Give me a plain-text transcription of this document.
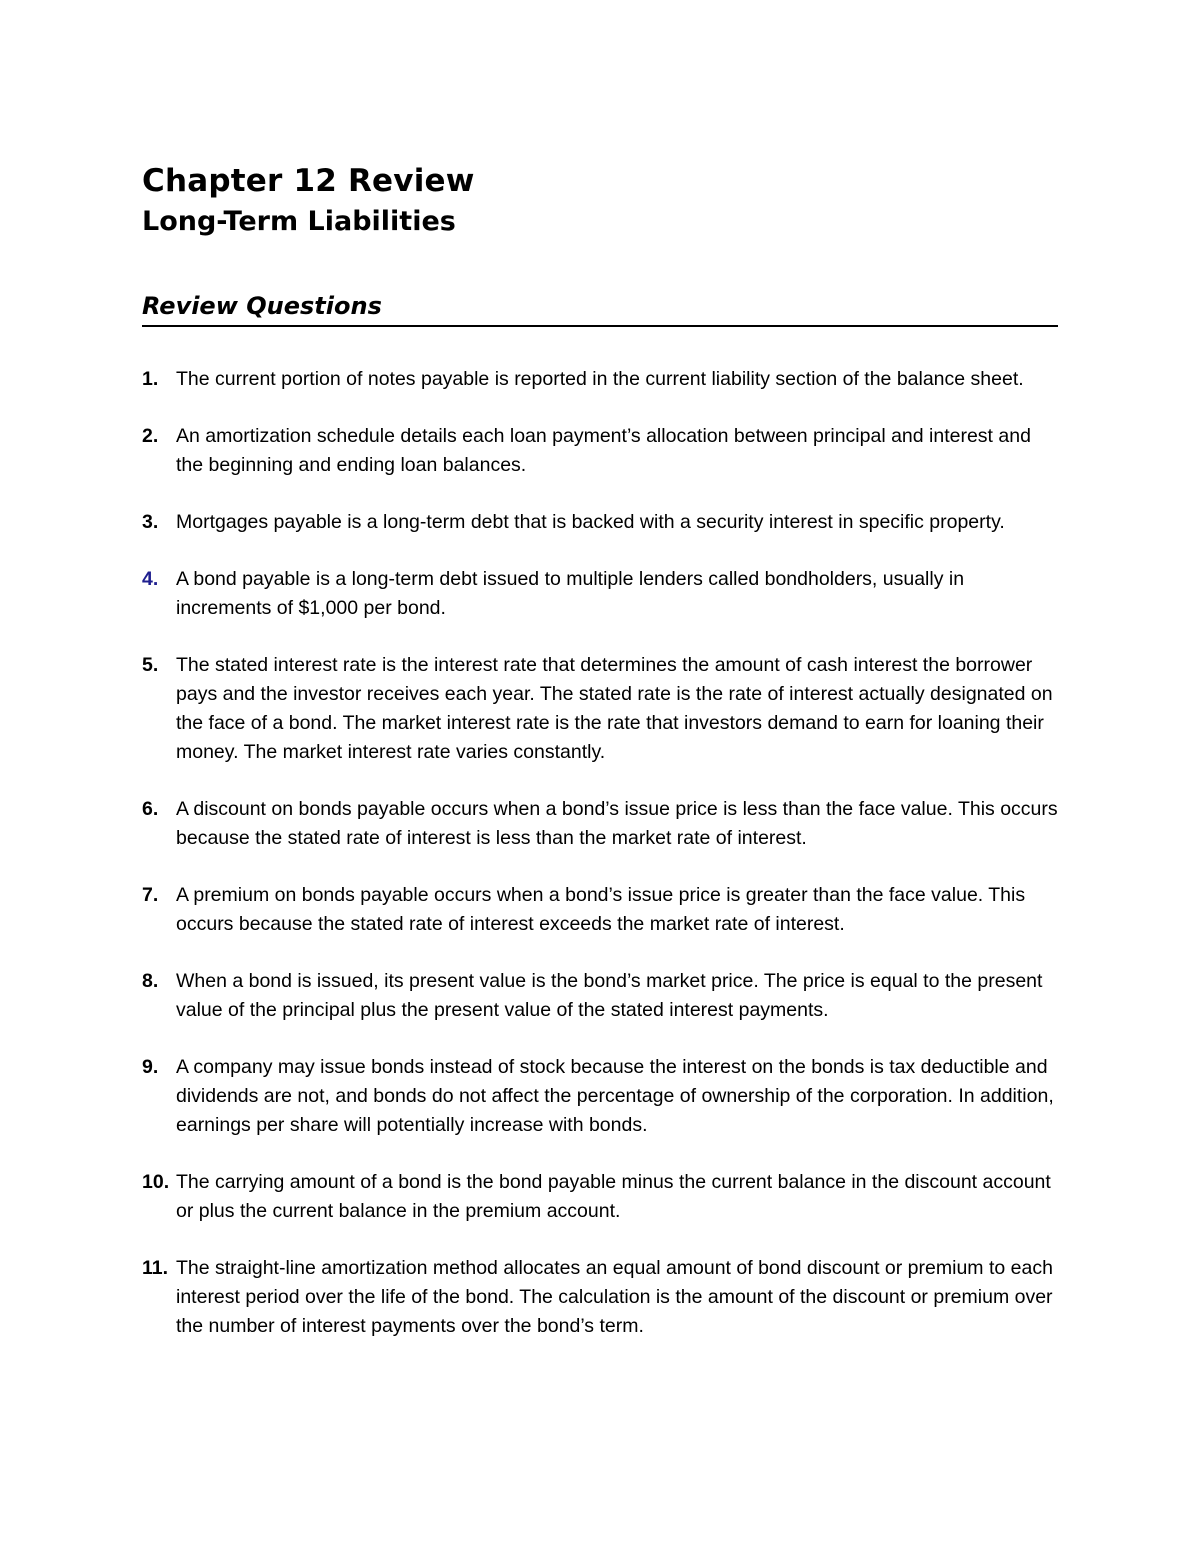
Chapter 12 Review
Long-Term Liabilities
Review Questions
1. The current portion of notes payable is reported in the current liability section of the balance sheet.
2. An amortization schedule details each loan payment’s allocation between principal and interest and the beginning and ending loan balances.
3. Mortgages payable is a long-term debt that is backed with a security interest in specific property.
4. A bond payable is a long-term debt issued to multiple lenders called bondholders, usually in increments of $1,000 per bond.
5. The stated interest rate is the interest rate that determines the amount of cash interest the borrower pays and the investor receives each year. The stated rate is the rate of interest actually designated on the face of a bond. The market interest rate is the rate that investors demand to earn for loaning their money. The market interest rate varies constantly.
6. A discount on bonds payable occurs when a bond’s issue price is less than the face value. This occurs because the stated rate of interest is less than the market rate of interest.
7. A premium on bonds payable occurs when a bond’s issue price is greater than the face value. This occurs because the stated rate of interest exceeds the market rate of interest.
8. When a bond is issued, its present value is the bond’s market price. The price is equal to the present value of the principal plus the present value of the stated interest payments.
9. A company may issue bonds instead of stock because the interest on the bonds is tax deductible and dividends are not, and bonds do not affect the percentage of ownership of the corporation. In addition, earnings per share will potentially increase with bonds.
10. The carrying amount of a bond is the bond payable minus the current balance in the discount account or plus the current balance in the premium account.
11. The straight-line amortization method allocates an equal amount of bond discount or premium to each interest period over the life of the bond. The calculation is the amount of the discount or premium over the number of interest payments over the bond’s term.
